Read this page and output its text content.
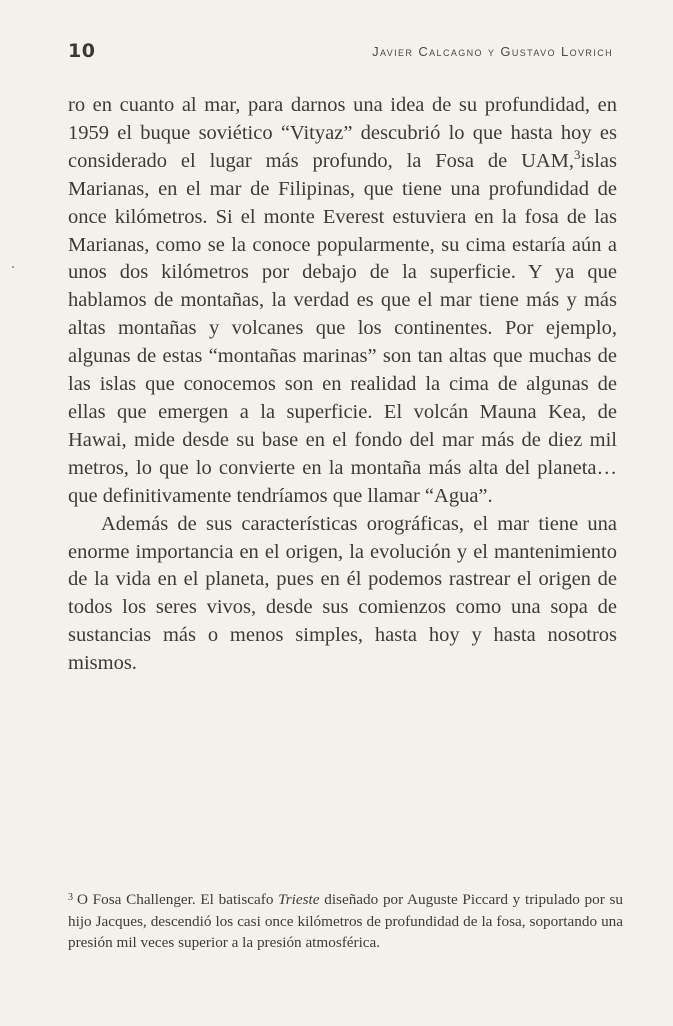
10	Javier Calcagno y Gustavo Lovrich

ro en cuanto al mar, para darnos una idea de su profundidad, en 1959 el buque soviético “Vityaz” descubrió lo que hasta hoy es considerado el lugar más profundo, la Fosa de UAM,$^3$islas Marianas, en el mar de Filipinas, que tiene una profundidad de once kilómetros. Si el monte Everest estuviera en la fosa de las Marianas, como se la conoce popularmente, su cima estaría aún a unos dos kilómetros por debajo de la superficie. Y ya que hablamos de montañas, la verdad es que el mar tiene más y más altas montañas y volcanes que los continentes. Por ejemplo, algunas de estas “montañas marinas” son tan altas que muchas de las islas que conocemos son en realidad la cima de algunas de ellas que emergen a la superficie. El volcán Mauna Kea, de Hawai, mide desde su base en el fondo del mar más de diez mil metros, lo que lo convierte en la montaña más alta del planeta… que definitivamente tendríamos que llamar “Agua”.

Además de sus características orográficas, el mar tiene una enorme importancia en el origen, la evolución y el mantenimiento de la vida en el planeta, pues en él podemos rastrear el origen de todos los seres vivos, desde sus comienzos como una sopa de sustancias más o menos simples, hasta hoy y hasta nosotros mismos.

$^3$ O Fosa Challenger. El batiscafo Trieste diseñado por Auguste Piccard y tripulado por su hijo Jacques, descendió los casi once kilómetros de profundidad de la fosa, soportando una presión mil veces superior a la presión atmosférica.
